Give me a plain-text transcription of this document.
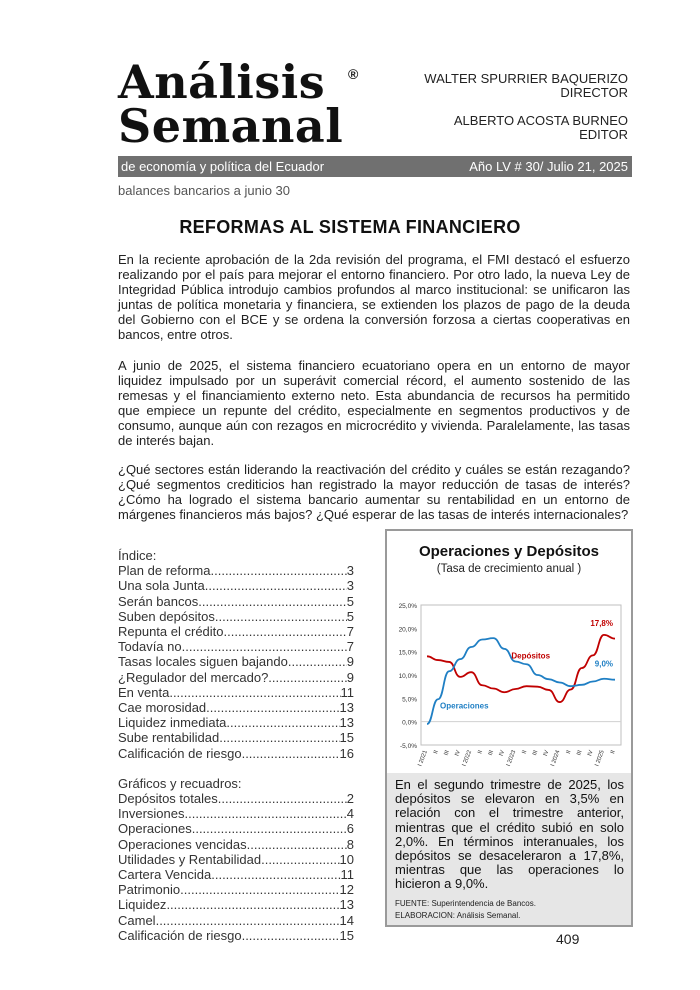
Análisis
Semanal
®	WALTER SPURRIER BAQUERIZO
DIRECTOR
ALBERTO ACOSTA BURNEO
EDITOR
de economía y política del Ecuador	Año LV # 30/ Julio 21, 2025
balances bancarios a junio 30
REFORMAS AL SISTEMA FINANCIERO
En la reciente aprobación de la 2da revisión del programa, el FMI destacó el esfuerzo realizando por el país para mejorar el entorno financiero. Por otro lado, la nueva Ley de Integridad Pública introdujo cambios profundos al marco institucional: se unificaron las juntas de política monetaria y financiera, se extienden los plazos de pago de la deuda del Gobierno con el BCE y se ordena la conversión forzosa a ciertas cooperativas en bancos, entre otros.
A junio de 2025, el sistema financiero ecuatoriano opera en un entorno de mayor liquidez impulsado por un superávit comercial récord, el aumento sostenido de las remesas y el financiamiento externo neto. Esta abundancia de recursos ha permitido que empiece un repunte del crédito, especialmente en segmentos productivos y de consumo, aunque aún con rezagos en microcrédito y vivienda. Paralelamente, las tasas de interés bajan.
¿Qué sectores están liderando la reactivación del crédito y cuáles se están rezagando? ¿Qué segmentos crediticios han registrado la mayor reducción de tasas de interés? ¿Cómo ha logrado el sistema bancario aumentar su rentabilidad en un entorno de márgenes financieros más bajos? ¿Qué esperar de las tasas de interés internacionales?
Índice:
Plan de reforma. .....	3
Una sola Junta. .....	3
Serán bancos. .....	5
Suben depósitos. .....	5
Repunta el crédito. .....	7
Todavía no. .....	7
Tasas locales siguen bajando. .....	9
¿Regulador del mercado?. .....	9
En venta .....	11
Cae morosidad. .....	13
Liquidez inmediata .....	13
Sube rentabilidad .....	15
Calificación de riesgo. .....	16
Gráficos y recuadros:
Depósitos totales .....	2
Inversiones .....	4
Operaciones .....	6
Operaciones vencidas .....	8
Utilidades y Rentabilidad .....	10
Cartera Vencida .....	11
Patrimonio .....	12
Liquidez .....	13
Camel .....	14
Calificación de riesgo .....	15
Operaciones y Depósitos
(Tasa de crecimiento anual )
-5,0%
0,0%
5,0%
10,0%
15,0%
20,0%
25,0%
I 2021 II III IV I 2022 II III IV I 2023 II III IV I 2024 II III IV I 2025 II
Depósitos
Operaciones
17,8%
9,0%
En el segundo trimestre de 2025, los depósitos se elevaron en 3,5% en relación con el trimestre anterior, mientras que el crédito subió en solo 2,0%. En términos interanuales, los depósitos se desaceleraron a 17,8%, mientras que las operaciones lo hicieron a 9,0%.
FUENTE: Superintendencia de Bancos.
ELABORACION: Análisis Semanal.
409
